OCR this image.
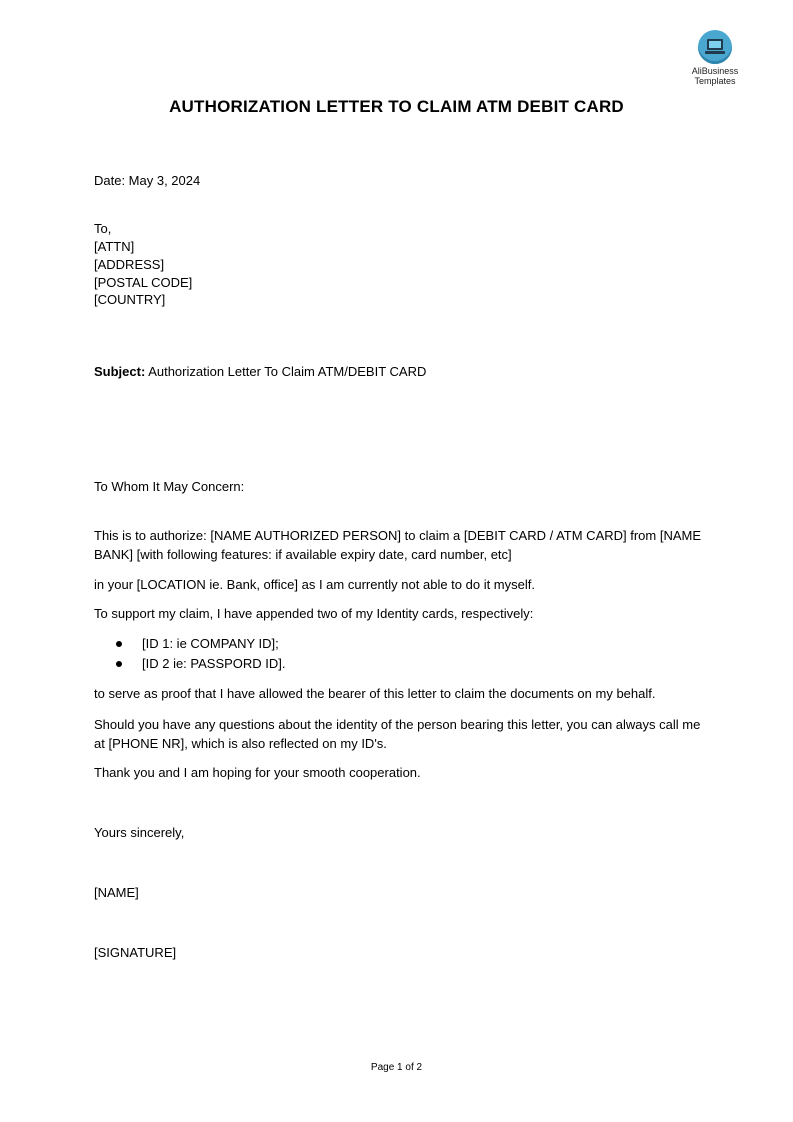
AliBusiness
Templates
AUTHORIZATION LETTER TO CLAIM ATM DEBIT CARD
Date: May 3, 2024
To,
[ATTN]
[ADDRESS]
[POSTAL CODE]
[COUNTRY]
Subject: Authorization Letter To Claim ATM/DEBIT CARD
To Whom It May Concern:
This is to authorize: [NAME AUTHORIZED PERSON] to claim a [DEBIT CARD / ATM CARD] from [NAME BANK] [with following features: if available expiry date, card number, etc]
in your [LOCATION ie. Bank, office] as I am currently not able to do it myself.
To support my claim, I have appended two of my Identity cards, respectively:
[ID 1: ie COMPANY ID];
[ID 2 ie: PASSPORD ID].
to serve as proof that I have allowed the bearer of this letter to claim the documents on my behalf.
Should you have any questions about the identity of the person bearing this letter, you can always call me at [PHONE NR], which is also reflected on my ID's.
Thank you and I am hoping for your smooth cooperation.
Yours sincerely,
[NAME]
[SIGNATURE]
Page 1 of 2
